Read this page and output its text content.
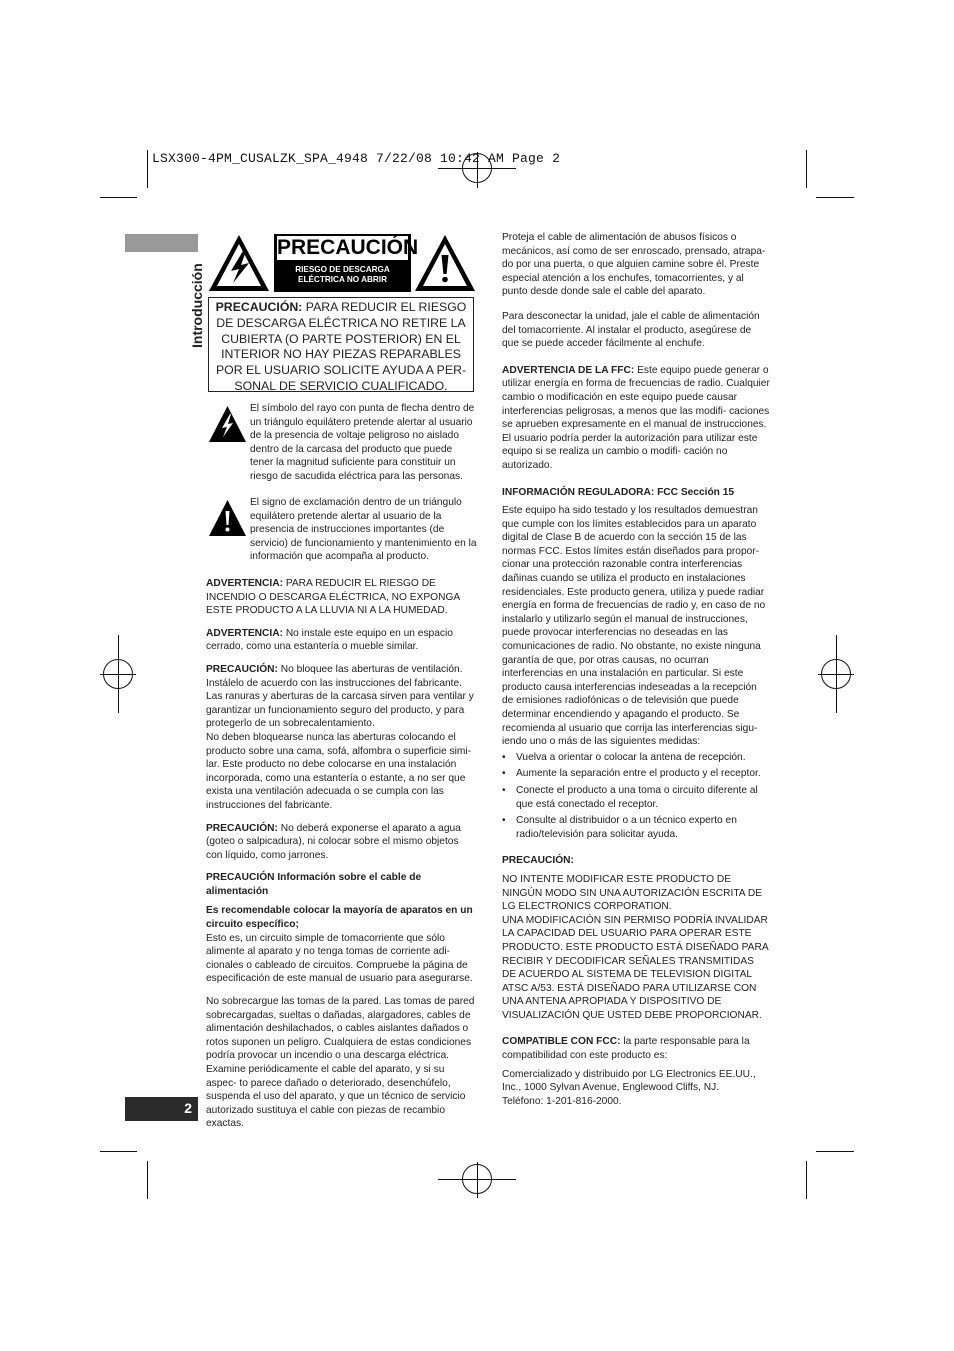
LSX300-4PM_CUSALZK_SPA_4948 7/22/08 10:42 AM Page 2
Introducción
2
PRECAUCIÓN
RIESGO DE DESCARGA
ELÉCTRICA NO ABRIR
PRECAUCIÓN: PARA REDUCIR EL RIESGO DE DESCARGA ELÉCTRICA NO RETIRE LA CUBIERTA (O PARTE POSTERIOR) EN EL INTERIOR NO HAY PIEZAS REPARABLES POR EL USUARIO SOLICITE AYUDA A PER- SONAL DE SERVICIO CUALIFICADO.
El símbolo del rayo con punta de flecha dentro de un triángulo equilátero pretende alertar al usuario de la presencia de voltaje peligroso no aislado dentro de la carcasa del producto que puede tener la magnitud suficiente para constituir un riesgo de sacudida eléctrica para las personas.
El signo de exclamación dentro de un triángulo equilátero pretende alertar al usuario de la presencia de instrucciones importantes (de servicio) de funcionamiento y mantenimiento en la información que acompaña al producto.

ADVERTENCIA: PARA REDUCIR EL RIESGO DE INCENDIO O DESCARGA ELÉCTRICA, NO EXPONGA ESTE PRODUCTO A LA LLUVIA NI A LA HUMEDAD.

ADVERTENCIA: No instale este equipo en un espacio cerrado, como una estantería o mueble similar.

PRECAUCIÓN: No bloquee las aberturas de ventilación. Instálelo de acuerdo con las instrucciones del fabricante. Las ranuras y aberturas de la carcasa sirven para ventilar y garantizar un funcionamiento seguro del producto, y para protegerlo de un sobrecalentamiento.

No deben bloquearse nunca las aberturas colocando el producto sobre una cama, sofá, alfombra o superficie simi- lar. Este producto no debe colocarse en una instalación incorporada, como una estantería o estante, a no ser que exista una ventilación adecuada o se cumpla con las instrucciones del fabricante.

PRECAUCIÓN: No deberá exponerse el aparato a agua (goteo o salpicadura), ni colocar sobre el mismo objetos con líquido, como jarrones.

PRECAUCIÓN Información sobre el cable de alimentación

Es recomendable colocar la mayoría de aparatos en un circuito específico;
Esto es, un circuito simple de tomacorriente que sólo alimente al aparato y no tenga tomas de corriente adi- cionales o cableado de circuitos. Compruebe la página de especificación de este manual de usuario para asegurarse.

No sobrecargue las tomas de la pared. Las tomas de pared sobrecargadas, sueltas o dañadas, alargadores, cables de alimentación deshilachados, o cables aislantes dañados o rotos suponen un peligro. Cualquiera de estas condiciones podría provocar un incendio o una descarga eléctrica. Examine periódicamente el cable del aparato, y si su aspec- to parece dañado o deteriorado, desenchúfelo, suspenda el uso del aparato, y que un técnico de servicio autorizado sustituya el cable con piezas de recambio exactas.

Proteja el cable de alimentación de abusos físicos o mecánicos, así como de ser enroscado, prensado, atrapa- do por una puerta, o que alguien camine sobre él. Preste especial atención a los enchufes, tomacorrientes, y al punto desde donde sale el cable del aparato.

Para desconectar la unidad, jale el cable de alimentación del tomacorriente. Al instalar el producto, asegúrese de que se puede acceder fácilmente al enchufe.

ADVERTENCIA DE LA FFC: Este equipo puede generar o utilizar energía en forma de frecuencias de radio. Cualquier cambio o modificación en este equipo puede causar interferencias peligrosas, a menos que las modifi- caciones se aprueben expresamente en el manual de instrucciones. El usuario podría perder la autorización para utilizar este equipo si se realiza un cambio o modifi- cación no autorizado.

INFORMACIÓN REGULADORA: FCC Sección 15

Este equipo ha sido testado y los resultados demuestran que cumple con los límites establecidos para un aparato digital de Clase B de acuerdo con la sección 15 de las normas FCC. Estos límites están diseñados para propor- cionar una protección razonable contra interferencias dañinas cuando se utiliza el producto en instalaciones residenciales. Este producto genera, utiliza y puede radiar energía en forma de frecuencias de radio y, en caso de no instalarlo y utilizarlo según el manual de instrucciones, puede provocar interferencias no deseadas en las comunicaciones de radio. No obstante, no existe ninguna garantía de que, por otras causas, no ocurran interferencias en una instalación en particular. Si este producto causa interferencias indeseadas a la recepción de emisiones radiofónicas o de televisión que puede determinar encendiendo y apagando el producto. Se recomienda al usuario que corrija las interferencias sigu- iendo uno o más de las siguientes medidas:

• Vuelva a orientar o colocar la antena de recepción.
• Aumente la separación entre el producto y el receptor.
• Conecte el producto a una toma o circuito diferente al que está conectado el receptor.
• Consulte al distribuidor o a un técnico experto en radio/televisión para solicitar ayuda.

PRECAUCIÓN:

NO INTENTE MODIFICAR ESTE PRODUCTO DE NINGÚN MODO SIN UNA AUTORIZACIÓN ESCRITA DE LG ELECTRONICS CORPORATION.

UNA MODIFICACIÓN SIN PERMISO PODRÍA INVALIDAR LA CAPACIDAD DEL USUARIO PARA OPERAR ESTE PRODUCTO. ESTE PRODUCTO ESTÁ DISEÑADO PARA RECIBIR Y DECODIFICAR SEÑALES TRANSMITIDAS DE ACUERDO AL SISTEMA DE TELEVISION DIGITAL ATSC A/53. ESTÁ DISEÑADO PARA UTILIZARSE CON UNA ANTENA APROPIADA Y DISPOSITIVO DE VISUALIZACIÓN QUE USTED DEBE PROPORCIONAR.

COMPATIBLE CON FCC: la parte responsable para la compatibilidad con este producto es:

Comercializado y distribuido por LG Electronics EE.UU.,
Inc., 1000 Sylvan Avenue, Englewood Cliffs, NJ.
Teléfono: 1-201-816-2000.
